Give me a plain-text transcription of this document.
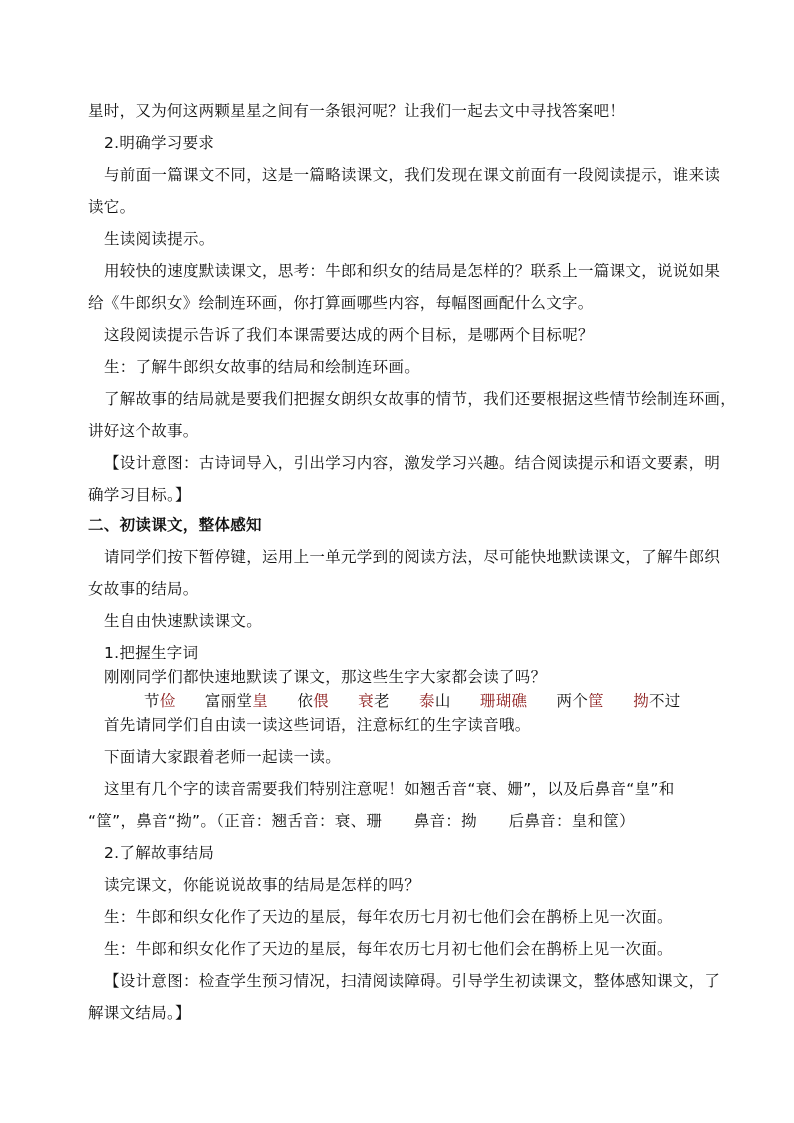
星时，又为何这两颗星星之间有一条银河呢？让我们一起去文中寻找答案吧！
2.明确学习要求
与前面一篇课文不同，这是一篇略读课文，我们发现在课文前面有一段阅读提示，谁来读
读它。
生读阅读提示。
用较快的速度默读课文，思考：牛郎和织女的结局是怎样的？联系上一篇课文，说说如果
给《牛郎织女》绘制连环画，你打算画哪些内容，每幅图画配什么文字。
这段阅读提示告诉了我们本课需要达成的两个目标，是哪两个目标呢？
生：了解牛郎织女故事的结局和绘制连环画。
了解故事的结局就是要我们把握女朗织女故事的情节，我们还要根据这些情节绘制连环画，
讲好这个故事。
【设计意图：古诗词导入，引出学习内容，激发学习兴趣。结合阅读提示和语文要素，明
确学习目标。】
二、初读课文，整体感知
请同学们按下暂停键，运用上一单元学到的阅读方法，尽可能快地默读课文，了解牛郎织
女故事的结局。
生自由快速默读课文。
1.把握生字词
刚刚同学们都快速地默读了课文，那这些生字大家都会读了吗？
节俭 富丽堂皇 依偎 衰老 泰山 珊瑚礁 两个筐 拗不过
首先请同学们自由读一读这些词语，注意标红的生字读音哦。
下面请大家跟着老师一起读一读。
这里有几个字的读音需要我们特别注意呢！如翘舌音“衰、姗”，以及后鼻音“皇”和
“筐”，鼻音“拗”。（正音：翘舌音：衰、珊　　鼻音：拗　　后鼻音：皇和筐）
2.了解故事结局
读完课文，你能说说故事的结局是怎样的吗？
生：牛郎和织女化作了天边的星辰，每年农历七月初七他们会在鹊桥上见一次面。
生：牛郎和织女化作了天边的星辰，每年农历七月初七他们会在鹊桥上见一次面。
【设计意图：检查学生预习情况，扫清阅读障碍。引导学生初读课文，整体感知课文，了
解课文结局。】
